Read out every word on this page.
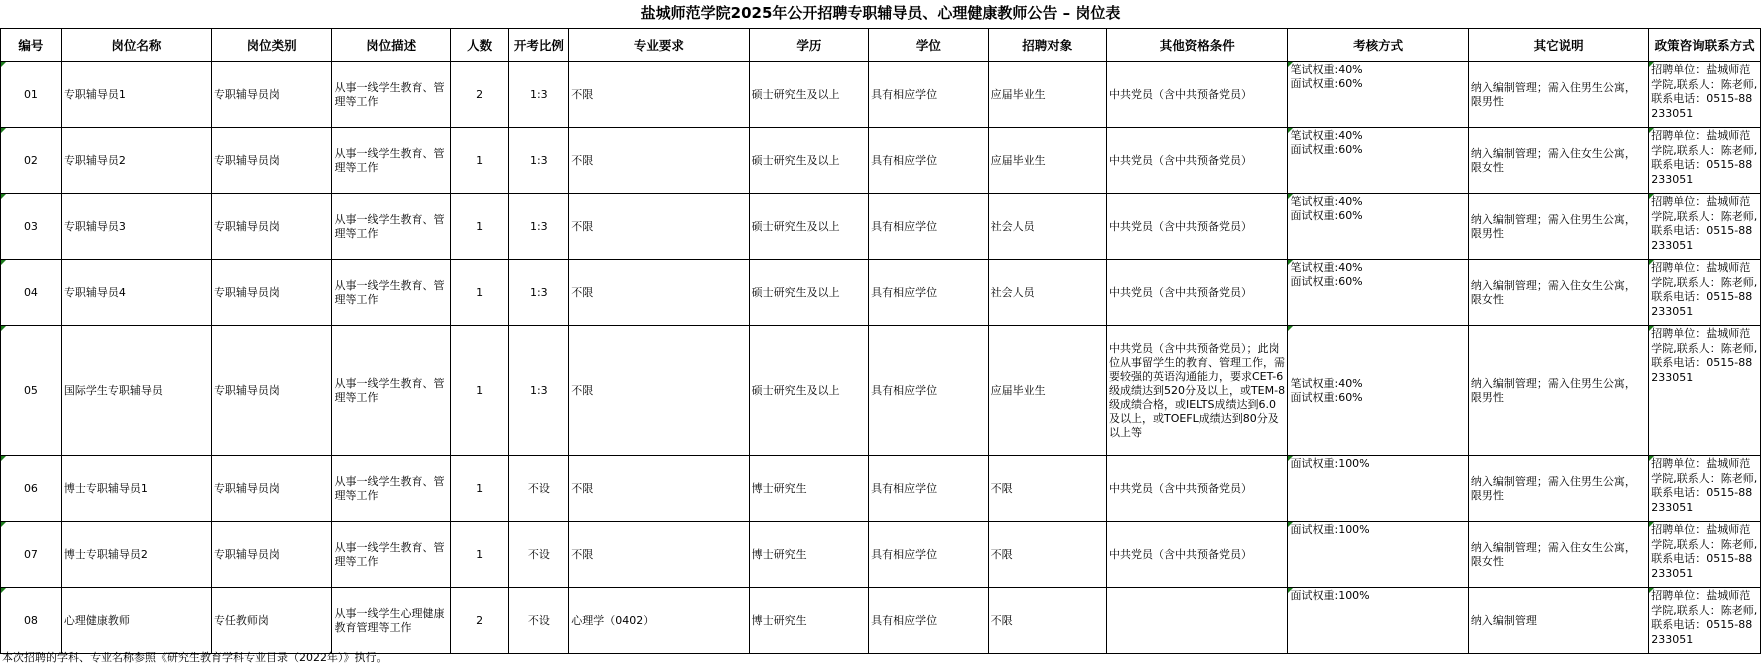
盐城师范学院2025年公开招聘专职辅导员、心理健康教师公告 – 岗位表
编号	岗位名称	岗位类别	岗位描述	人数	开考比例	专业要求	学历	学位	招聘对象	其他资格条件	考核方式	其它说明	政策咨询联系方式

01	专职辅导员1	专职辅导员岗	从事一线学生教育、管理等工作	2	1:3	不限	硕士研究生及以上	具有相应学位	应届毕业生	中共党员（含中共预备党员）	笔试权重:40%
面试权重:60%	纳入编制管理；需入住男生公寓，限男性	招聘单位：盐城师范学院,联系人：陈老师,联系电话：0515-88233051

02	专职辅导员2	专职辅导员岗	从事一线学生教育、管理等工作	1	1:3	不限	硕士研究生及以上	具有相应学位	应届毕业生	中共党员（含中共预备党员）	笔试权重:40%
面试权重:60%	纳入编制管理；需入住女生公寓，限女性	招聘单位：盐城师范学院,联系人：陈老师,联系电话：0515-88233051

03	专职辅导员3	专职辅导员岗	从事一线学生教育、管理等工作	1	1:3	不限	硕士研究生及以上	具有相应学位	社会人员	中共党员（含中共预备党员）	笔试权重:40%
面试权重:60%	纳入编制管理；需入住男生公寓，限男性	招聘单位：盐城师范学院,联系人：陈老师,联系电话：0515-88233051

04	专职辅导员4	专职辅导员岗	从事一线学生教育、管理等工作	1	1:3	不限	硕士研究生及以上	具有相应学位	社会人员	中共党员（含中共预备党员）	笔试权重:40%
面试权重:60%	纳入编制管理；需入住女生公寓，限女性	招聘单位：盐城师范学院,联系人：陈老师,联系电话：0515-88233051

05	国际学生专职辅导员	专职辅导员岗	从事一线学生教育、管理等工作	1	1:3	不限	硕士研究生及以上	具有相应学位	应届毕业生	中共党员（含中共预备党员）；此岗位从事留学生的教育、管理工作，需要较强的英语沟通能力，要求CET-6级成绩达到520分及以上，或TEM-8级成绩合格，或IELTS成绩达到6.0及以上，或TOEFL成绩达到80分及以上等	笔试权重:40%
面试权重:60%	纳入编制管理；需入住男生公寓，限男性	招聘单位：盐城师范学院,联系人：陈老师,联系电话：0515-88233051

06	博士专职辅导员1	专职辅导员岗	从事一线学生教育、管理等工作	1	不设	不限	博士研究生	具有相应学位	不限	中共党员（含中共预备党员）	面试权重:100%	纳入编制管理；需入住男生公寓，限男性	招聘单位：盐城师范学院,联系人：陈老师,联系电话：0515-88233051

07	博士专职辅导员2	专职辅导员岗	从事一线学生教育、管理等工作	1	不设	不限	博士研究生	具有相应学位	不限	中共党员（含中共预备党员）	面试权重:100%	纳入编制管理；需入住女生公寓，限女性	招聘单位：盐城师范学院,联系人：陈老师,联系电话：0515-88233051

08	心理健康教师	专任教师岗	从事一线学生心理健康教育管理等工作	2	不设	心理学（0402）	博士研究生	具有相应学位	不限		面试权重:100%	纳入编制管理	招聘单位：盐城师范学院,联系人：陈老师,联系电话：0515-88233051
本次招聘的学科、专业名称参照《研究生教育学科专业目录（2022年）》执行。
